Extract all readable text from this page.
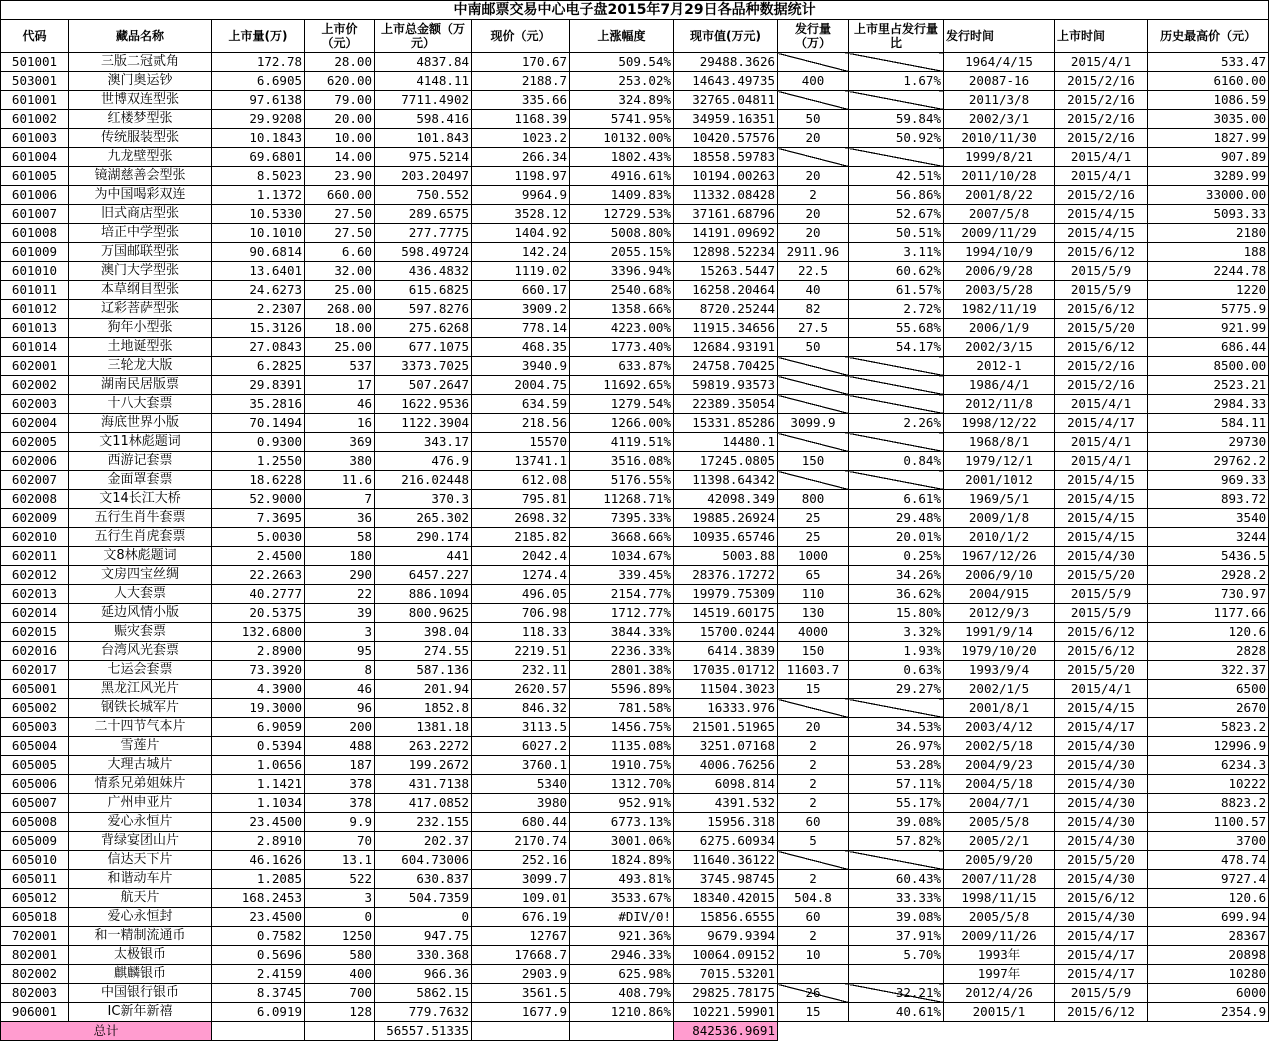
中南邮票交易中心电子盘2015年7月29日各品种数据统计												
代码	藏品名称	上市量(万)	上市价（元）	上市总金额（万元）	现价（元）	上涨幅度	现市值(万元)	发行量（万）	上市里占发行量比	发行时间	上市时间	历史最高价（元）
501001	三版二冠贰角	172.78	28.00	4837.84	170.67	509.54%	29488.3626			1964/4/15	2015/4/1	533.47
503001	澳门奥运钞	6.6905	620.00	4148.11	2188.7	253.02%	14643.49735	400	1.67%	20087-16	2015/2/16	6160.00
601001	世博双连型张	97.6138	79.00	7711.4902	335.66	324.89%	32765.04811			2011/3/8	2015/2/16	1086.59
601002	红楼梦型张	29.9208	20.00	598.416	1168.39	5741.95%	34959.16351	50	59.84%	2002/3/1	2015/2/16	3035.00
601003	传统服装型张	10.1843	10.00	101.843	1023.2	10132.00%	10420.57576	20	50.92%	2010/11/30	2015/2/16	1827.99
601004	九龙壁型张	69.6801	14.00	975.5214	266.34	1802.43%	18558.59783			1999/8/21	2015/4/1	907.89
601005	镜湖慈善会型张	8.5023	23.90	203.20497	1198.97	4916.61%	10194.00263	20	42.51%	2011/10/28	2015/4/1	3289.99
601006	为中国喝彩双连	1.1372	660.00	750.552	9964.9	1409.83%	11332.08428	2	56.86%	2001/8/22	2015/2/16	33000.00
601007	旧式商店型张	10.5330	27.50	289.6575	3528.12	12729.53%	37161.68796	20	52.67%	2007/5/8	2015/4/15	5093.33
601008	培正中学型张	10.1010	27.50	277.7775	1404.92	5008.80%	14191.09692	20	50.51%	2009/11/29	2015/4/15	2180
601009	万国邮联型张	90.6814	6.60	598.49724	142.24	2055.15%	12898.52234	2911.96	3.11%	1994/10/9	2015/6/12	188
601010	澳门大学型张	13.6401	32.00	436.4832	1119.02	3396.94%	15263.5447	22.5	60.62%	2006/9/28	2015/5/9	2244.78
601011	本草纲目型张	24.6273	25.00	615.6825	660.17	2540.68%	16258.20464	40	61.57%	2003/5/28	2015/5/9	1220
601012	辽彩菩萨型张	2.2307	268.00	597.8276	3909.2	1358.66%	8720.25244	82	2.72%	1982/11/19	2015/6/12	5775.9
601013	狗年小型张	15.3126	18.00	275.6268	778.14	4223.00%	11915.34656	27.5	55.68%	2006/1/9	2015/5/20	921.99
601014	土地诞型张	27.0843	25.00	677.1075	468.35	1773.40%	12684.93191	50	54.17%	2002/3/15	2015/6/12	686.44
602001	三轮龙大版	6.2825	537	3373.7025	3940.9	633.87%	24758.70425			2012-1	2015/2/16	8500.00
602002	湖南民居版票	29.8391	17	507.2647	2004.75	11692.65%	59819.93573			1986/4/1	2015/2/16	2523.21
602003	十八大套票	35.2816	46	1622.9536	634.59	1279.54%	22389.35054			2012/11/8	2015/4/1	2984.33
602004	海底世界小版	70.1494	16	1122.3904	218.56	1266.00%	15331.85286	3099.9	2.26%	1998/12/22	2015/4/17	584.11
602005	文11林彪题词	0.9300	369	343.17	15570	4119.51%	14480.1			1968/8/1	2015/4/1	29730
602006	西游记套票	1.2550	380	476.9	13741.1	3516.08%	17245.0805	150	0.84%	1979/12/1	2015/4/1	29762.2
602007	金面罩套票	18.6228	11.6	216.02448	612.08	5176.55%	11398.64342			2001/1012	2015/4/15	969.33
602008	文14长江大桥	52.9000	7	370.3	795.81	11268.71%	42098.349	800	6.61%	1969/5/1	2015/4/15	893.72
602009	五行生肖牛套票	7.3695	36	265.302	2698.32	7395.33%	19885.26924	25	29.48%	2009/1/8	2015/4/15	3540
602010	五行生肖虎套票	5.0030	58	290.174	2185.82	3668.66%	10935.65746	25	20.01%	2010/1/2	2015/4/15	3244
602011	文8林彪题词	2.4500	180	441	2042.4	1034.67%	5003.88	1000	0.25%	1967/12/26	2015/4/30	5436.5
602012	文房四宝丝绸	22.2663	290	6457.227	1274.4	339.45%	28376.17272	65	34.26%	2006/9/10	2015/5/20	2928.2
602013	人大套票	40.2777	22	886.1094	496.05	2154.77%	19979.75309	110	36.62%	2004/915	2015/5/9	730.97
602014	延边风情小版	20.5375	39	800.9625	706.98	1712.77%	14519.60175	130	15.80%	2012/9/3	2015/5/9	1177.66
602015	赈灾套票	132.6800	3	398.04	118.33	3844.33%	15700.0244	4000	3.32%	1991/9/14	2015/6/12	120.6
602016	台湾风光套票	2.8900	95	274.55	2219.51	2236.33%	6414.3839	150	1.93%	1979/10/20	2015/6/12	2828
602017	七运会套票	73.3920	8	587.136	232.11	2801.38%	17035.01712	11603.7	0.63%	1993/9/4	2015/5/20	322.37
605001	黑龙江风光片	4.3900	46	201.94	2620.57	5596.89%	11504.3023	15	29.27%	2002/1/5	2015/4/1	6500
605002	钢铁长城军片	19.3000	96	1852.8	846.32	781.58%	16333.976			2001/8/1	2015/4/15	2670
605003	二十四节气本片	6.9059	200	1381.18	3113.5	1456.75%	21501.51965	20	34.53%	2003/4/12	2015/4/17	5823.2
605004	雪莲片	0.5394	488	263.2272	6027.2	1135.08%	3251.07168	2	26.97%	2002/5/18	2015/4/30	12996.9
605005	大理古城片	1.0656	187	199.2672	3760.1	1910.75%	4006.76256	2	53.28%	2004/9/23	2015/4/30	6234.3
605006	情系兄弟姐妹片	1.1421	378	431.7138	5340	1312.70%	6098.814	2	57.11%	2004/5/18	2015/4/30	10222
605007	广州申亚片	1.1034	378	417.0852	3980	952.91%	4391.532	2	55.17%	2004/7/1	2015/4/30	8823.2
605008	爱心永恒片	23.4500	9.9	232.155	680.44	6773.13%	15956.318	60	39.08%	2005/5/8	2015/4/30	1100.57
605009	背绿宴团山片	2.8910	70	202.37	2170.74	3001.06%	6275.60934	5	57.82%	2005/2/1	2015/4/30	3700
605010	信达天下片	46.1626	13.1	604.73006	252.16	1824.89%	11640.36122			2005/9/20	2015/5/20	478.74
605011	和谐动车片	1.2085	522	630.837	3099.7	493.81%	3745.98745	2	60.43%	2007/11/28	2015/4/30	9727.4
605012	航天片	168.2453	3	504.7359	109.01	3533.67%	18340.42015	504.8	33.33%	1998/11/15	2015/6/12	120.6
605018	爱心永恒封	23.4500	0	0	676.19	#DIV/0!	15856.6555	60	39.08%	2005/5/8	2015/4/30	699.94
702001	和一精制流通币	0.7582	1250	947.75	12767	921.36%	9679.9394	2	37.91%	2009/11/26	2015/4/17	28367
802001	太极银币	0.5696	580	330.368	17668.7	2946.33%	10064.09152	10	5.70%	1993年	2015/4/17	20898
802002	麒麟银币	2.4159	400	966.36	2903.9	625.98%	7015.53201			1997年	2015/4/17	10280
802003	中国银行银币	8.3745	700	5862.15	3561.5	408.79%	29825.78175	26	32.21%	2012/4/26	2015/5/9	6000
906001	IC新年新禧	6.0919	128	779.7632	1677.9	1210.86%	10221.59901	15	40.61%	20015/1	2015/6/12	2354.9
总计				56557.51335			842536.9691					
